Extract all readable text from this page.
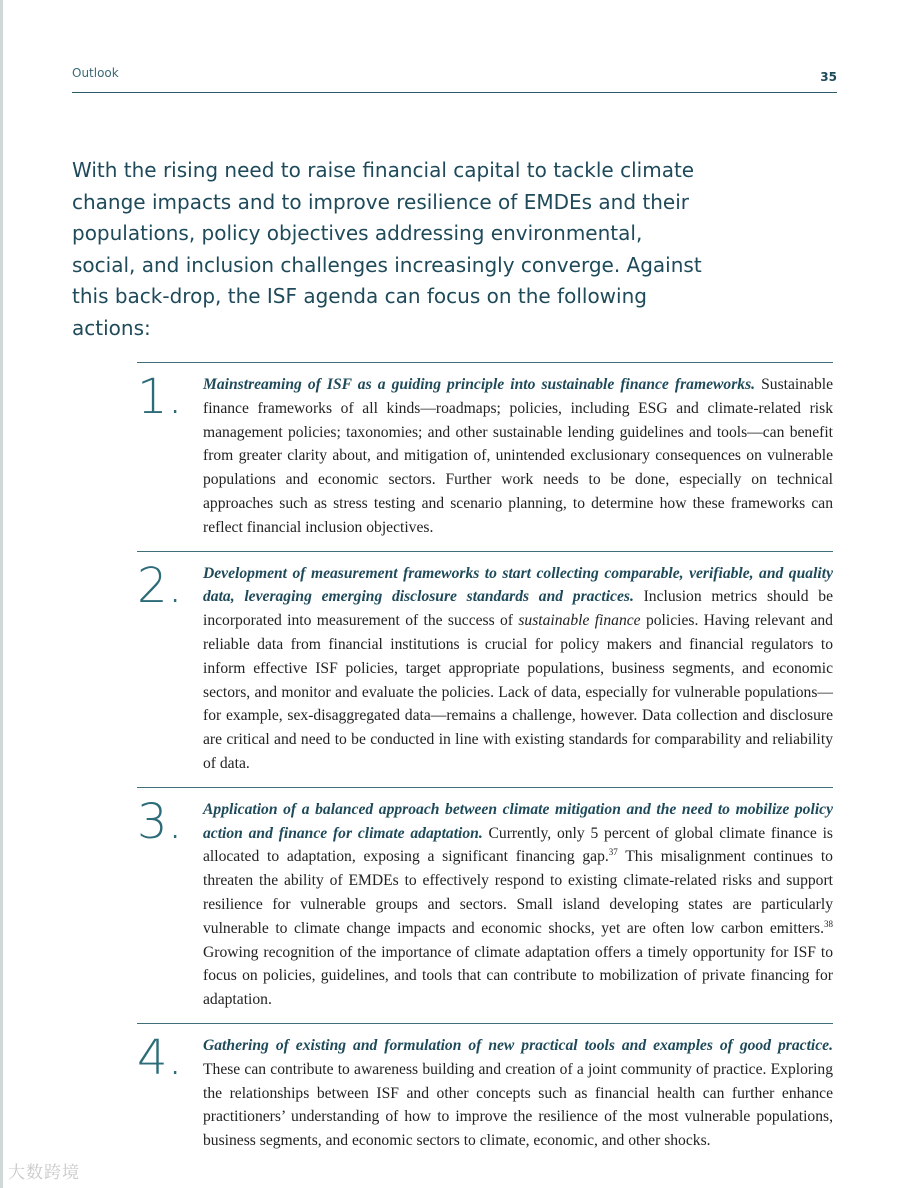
Outlook	35

With the rising need to raise financial capital to tackle climate change impacts and to improve resilience of EMDEs and their populations, policy objectives addressing environmental, social, and inclusion challenges increasingly converge. Against this back-drop, the ISF agenda can focus on the following actions:

1. Mainstreaming of ISF as a guiding principle into sustainable finance frameworks. Sustainable finance frameworks of all kinds—roadmaps; policies, including ESG and climate-related risk management policies; taxonomies; and other sustainable lending guidelines and tools—can benefit from greater clarity about, and mitigation of, unintended exclusionary consequences on vulnerable populations and economic sectors. Further work needs to be done, especially on technical approaches such as stress testing and scenario planning, to determine how these frameworks can reflect financial inclusion objectives.

2. Development of measurement frameworks to start collecting comparable, verifiable, and quality data, leveraging emerging disclosure standards and practices. Inclusion metrics should be incorporated into measurement of the success of sustainable finance policies. Having relevant and reliable data from financial institutions is crucial for policy makers and financial regulators to inform effective ISF policies, target appropriate populations, business segments, and economic sectors, and monitor and evaluate the policies. Lack of data, especially for vulnerable populations—for example, sex-disaggregated data—remains a challenge, however. Data collection and disclosure are critical and need to be conducted in line with existing standards for comparability and reliability of data.

3. Application of a balanced approach between climate mitigation and the need to mobilize policy action and finance for climate adaptation. Currently, only 5 percent of global climate finance is allocated to adaptation, exposing a significant financing gap.$^{37}$ This misalignment continues to threaten the ability of EMDEs to effectively respond to existing climate-related risks and support resilience for vulnerable groups and sectors. Small island developing states are particularly vulnerable to climate change impacts and economic shocks, yet are often low carbon emitters.$^{38}$ Growing recognition of the importance of climate adaptation offers a timely opportunity for ISF to focus on policies, guidelines, and tools that can contribute to mobilization of private financing for adaptation.

4. Gathering of existing and formulation of new practical tools and examples of good practice. These can contribute to awareness building and creation of a joint community of practice. Exploring the relationships between ISF and other concepts such as financial health can further enhance practitioners’ understanding of how to improve the resilience of the most vulnerable populations, business segments, and economic sectors to climate, economic, and other shocks.

大数跨境
